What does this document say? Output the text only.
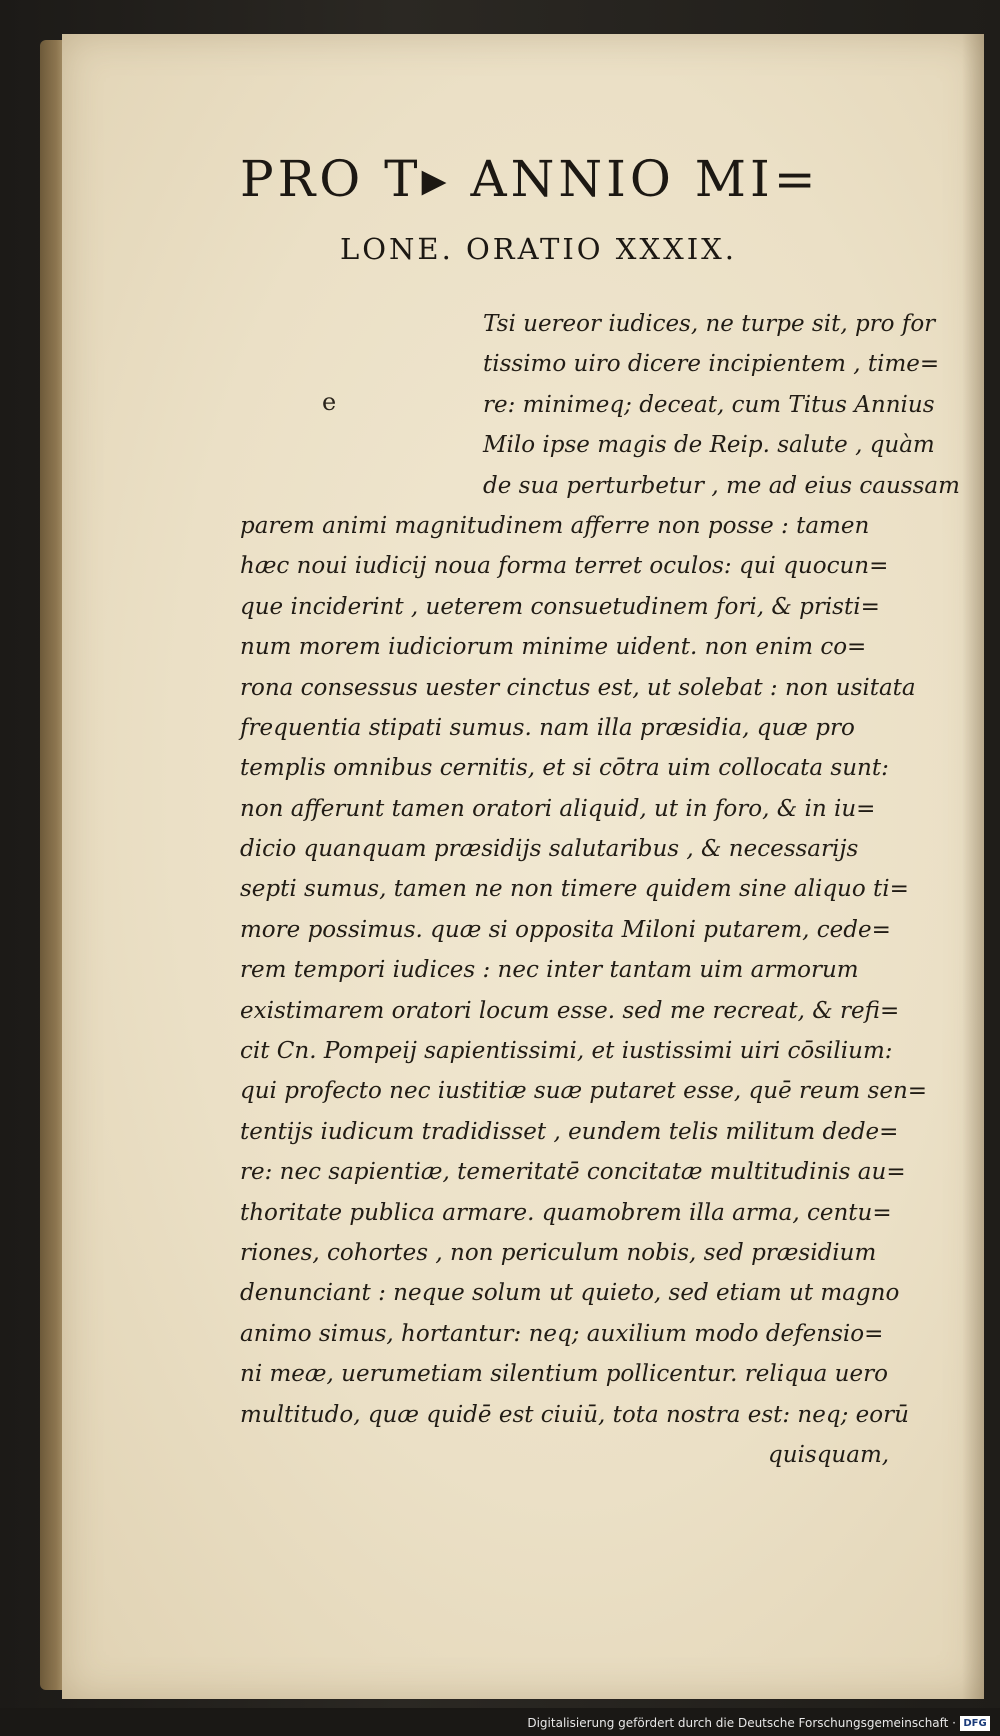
PRO T▸ ANNIO MI=
LONE. ORATIO XXXIX.
e
Tsi uereor iudices, ne turpe sit, pro for
tissimo uiro dicere incipientem , time=
re: minimeq; deceat, cum Titus Annius
Milo ipse magis de Reip. salute , quàm
de sua perturbetur , me ad eius caussam
parem animi magnitudinem afferre non posse : tamen
hæc noui iudicij noua forma terret oculos: qui quocun=
que inciderint , ueterem consuetudinem fori, & pristi=
num morem iudiciorum minime uident. non enim co=
rona consessus uester cinctus est, ut solebat : non usitata
frequentia stipati sumus. nam illa præsidia, quæ pro
templis omnibus cernitis, et si cōtra uim collocata sunt:
non afferunt tamen oratori aliquid, ut in foro, & in iu=
dicio quanquam præsidijs salutaribus , & necessarijs
septi sumus, tamen ne non timere quidem sine aliquo ti=
more possimus. quæ si opposita Miloni putarem, cede=
rem tempori iudices : nec inter tantam uim armorum
existimarem oratori locum esse. sed me recreat, & refi=
cit Cn. Pompeij sapientissimi, et iustissimi uiri cōsilium:
qui profecto nec iustitiæ suæ putaret esse, quē reum sen=
tentijs iudicum tradidisset , eundem telis militum dede=
re: nec sapientiæ, temeritatē concitatæ multitudinis au=
thoritate publica armare. quamobrem illa arma, centu=
riones, cohortes , non periculum nobis, sed præsidium
denunciant : neque solum ut quieto, sed etiam ut magno
animo simus, hortantur: neq; auxilium modo defensio=
ni meæ, uerumetiam silentium pollicentur. reliqua uero
multitudo, quæ quidē est ciuiū, tota nostra est: neq; eorū
quisquam,
Digitalisierung gefördert durch die Deutsche Forschungsgemeinschaft · DFG
